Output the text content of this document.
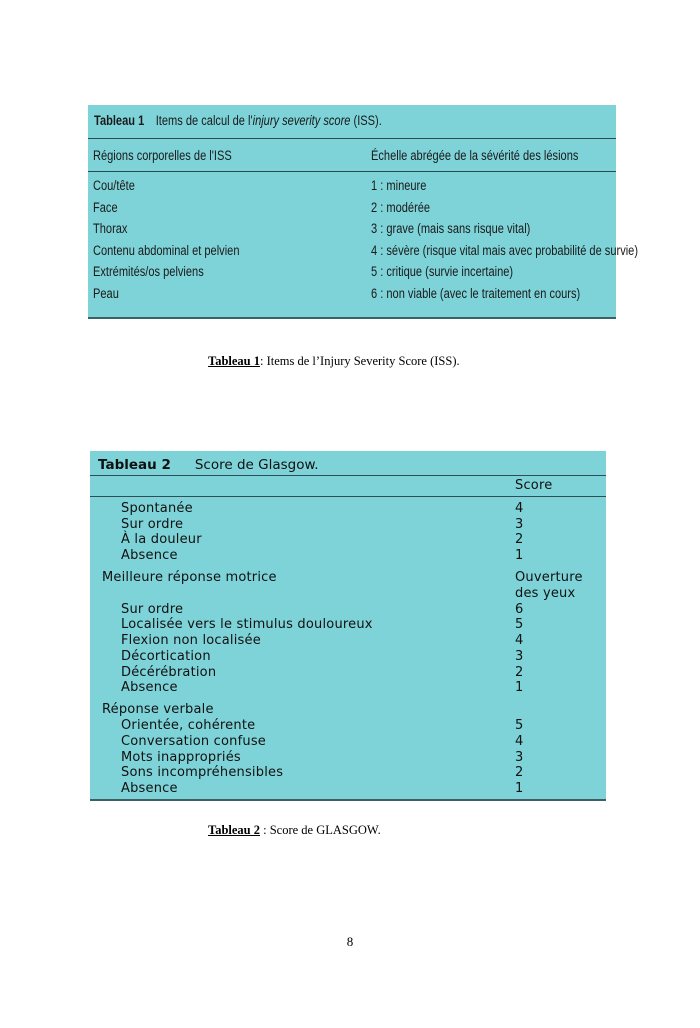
Tableau 1 Items de calcul de l'injury severity score (ISS).
Régions corporelles de l'ISS	Échelle abrégée de la sévérité des lésions
Cou/tête	1 : mineure
Face	2 : modérée
Thorax	3 : grave (mais sans risque vital)
Contenu abdominal et pelvien	4 : sévère (risque vital mais avec probabilité de survie)
Extrémités/os pelviens	5 : critique (survie incertaine)
Peau	6 : non viable (avec le traitement en cours)
Tableau 1: Items de l’Injury Severity Score (ISS).
Tableau 2 Score de Glasgow.
Score
Spontanée	4
Sur ordre	3
À la douleur	2
Absence	1
Meilleure réponse motrice	Ouverture
des yeux
Sur ordre	6
Localisée vers le stimulus douloureux	5
Flexion non localisée	4
Décortication	3
Décérébration	2
Absence	1
Réponse verbale
Orientée, cohérente	5
Conversation confuse	4
Mots inappropriés	3
Sons incompréhensibles	2
Absence	1
Tableau 2 : Score de GLASGOW.
8
